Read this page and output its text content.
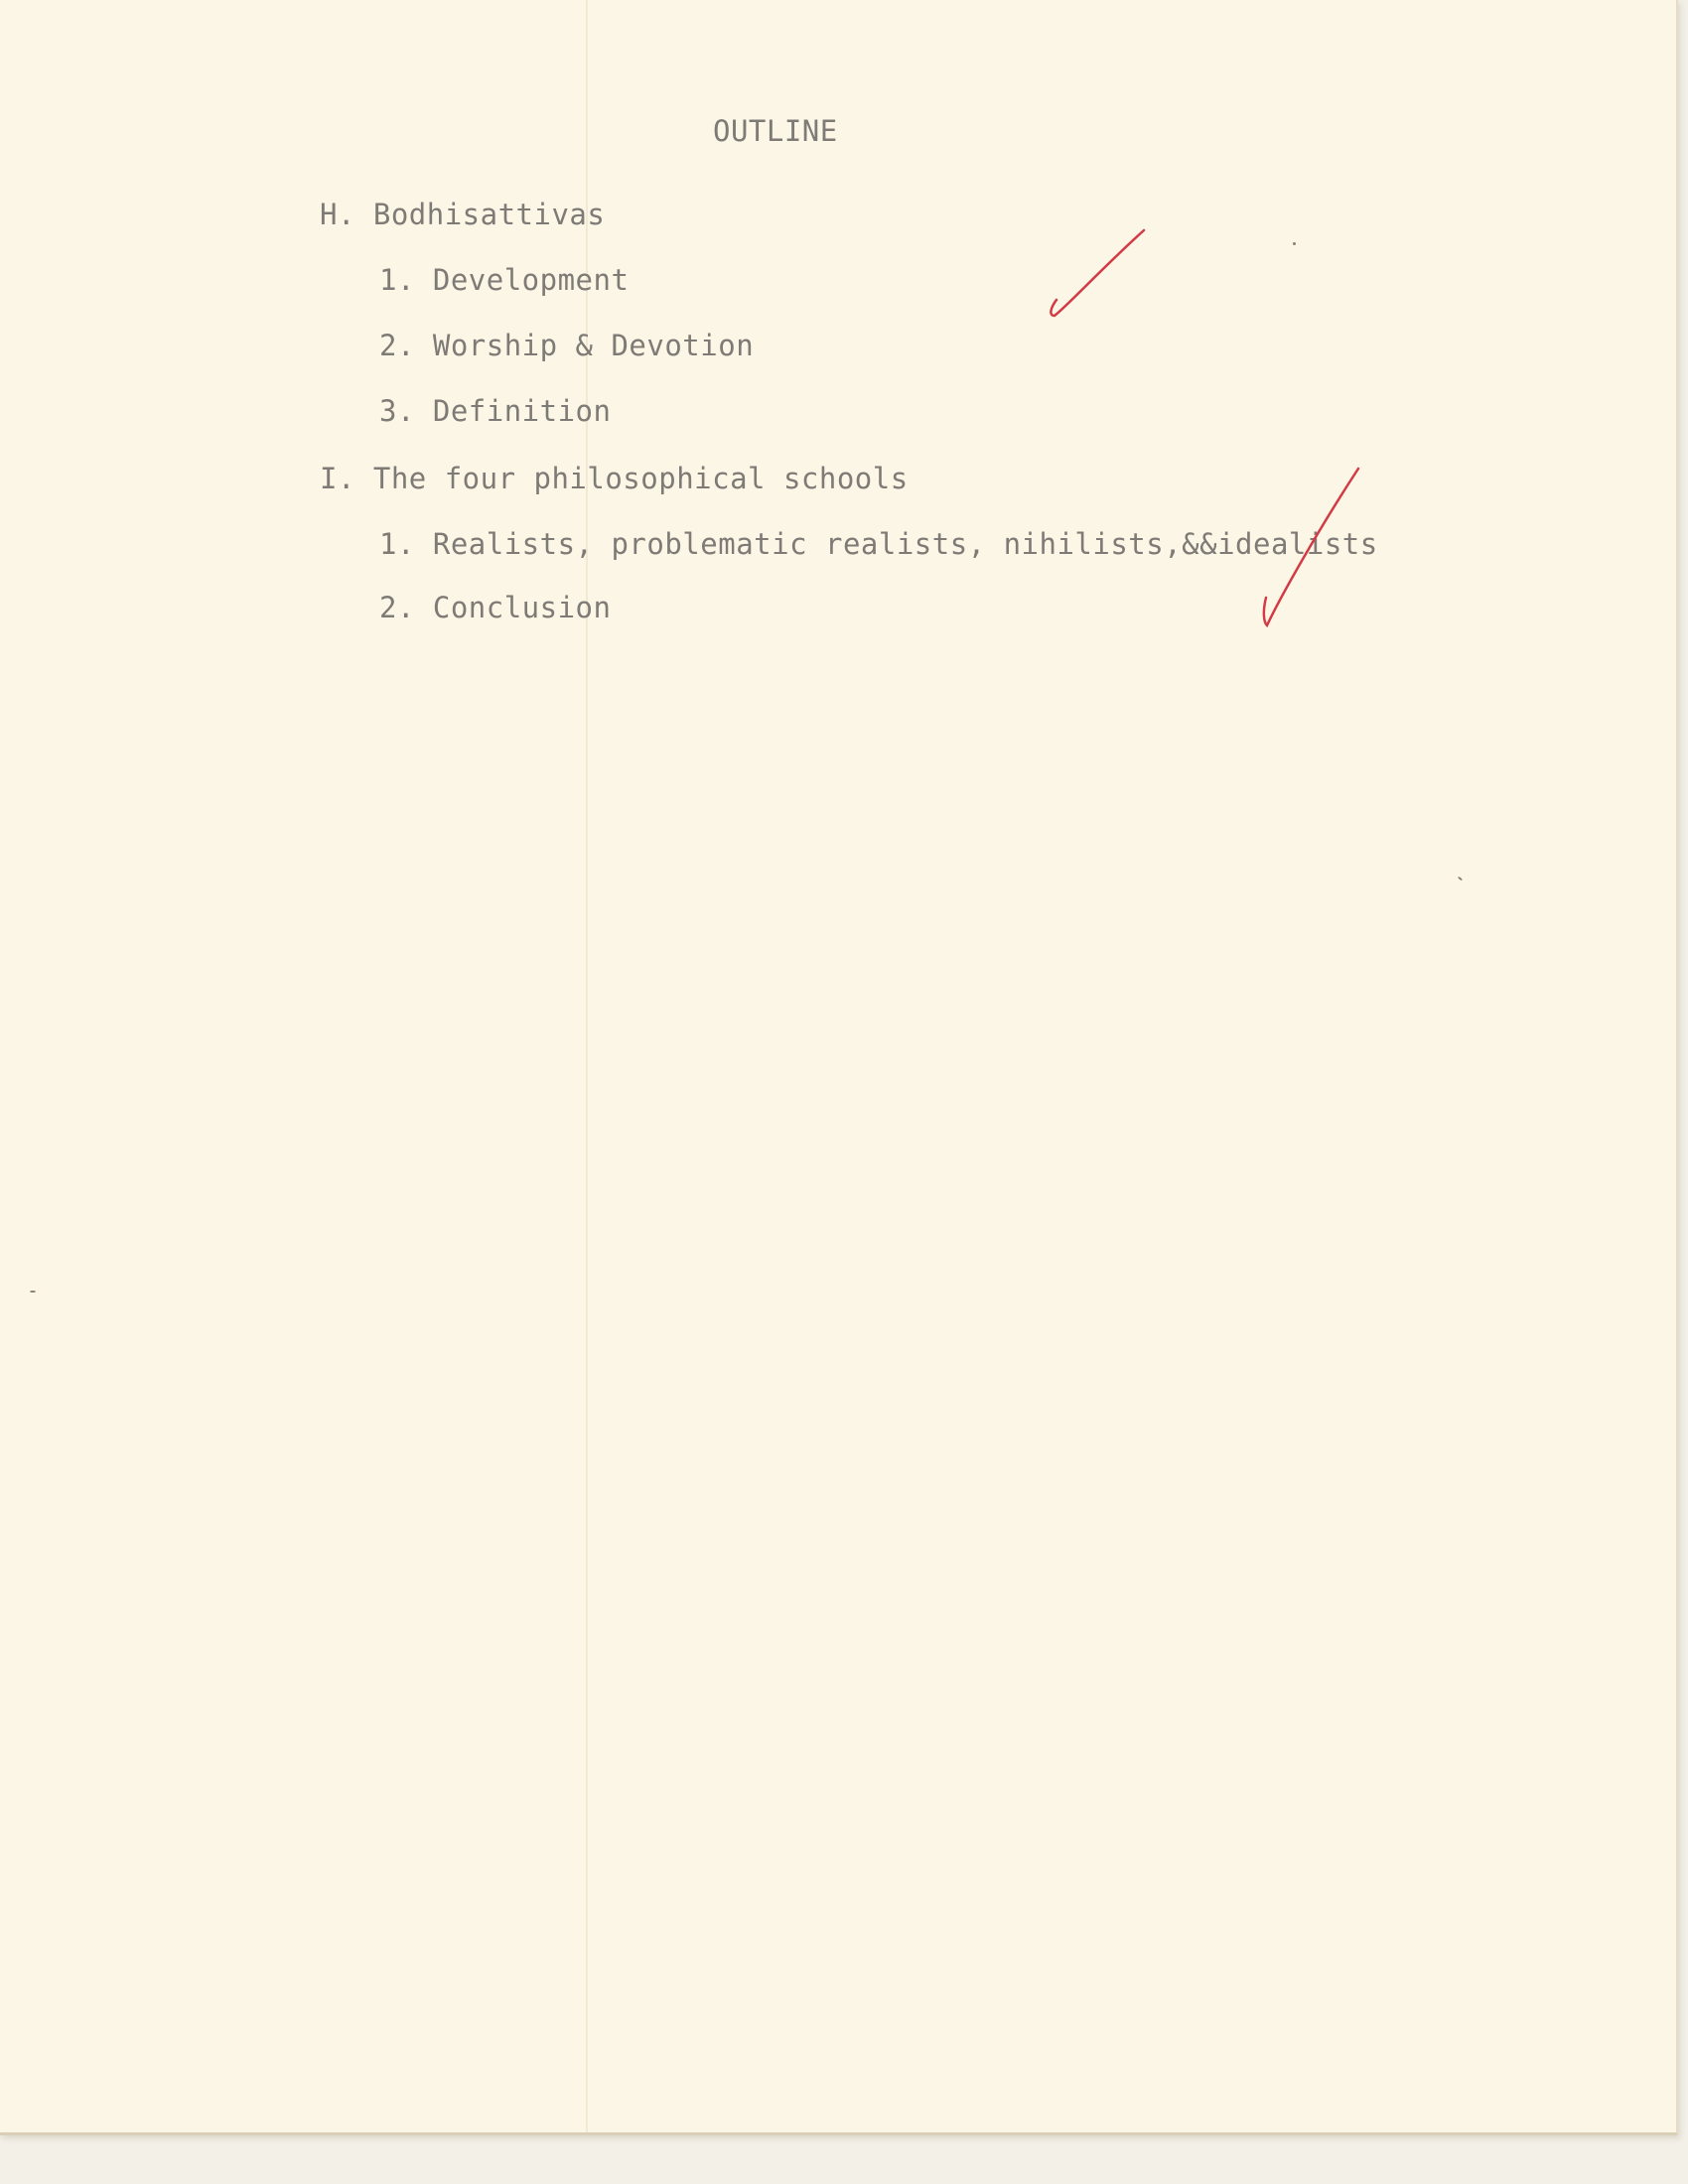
OUTLINE
H. Bodhisattivas
1. Development
2. Worship & Devotion
3. Definition
I. The four philosophical schools
1. Realists, problematic realists, nihilists,&&idealists
2. Conclusion
